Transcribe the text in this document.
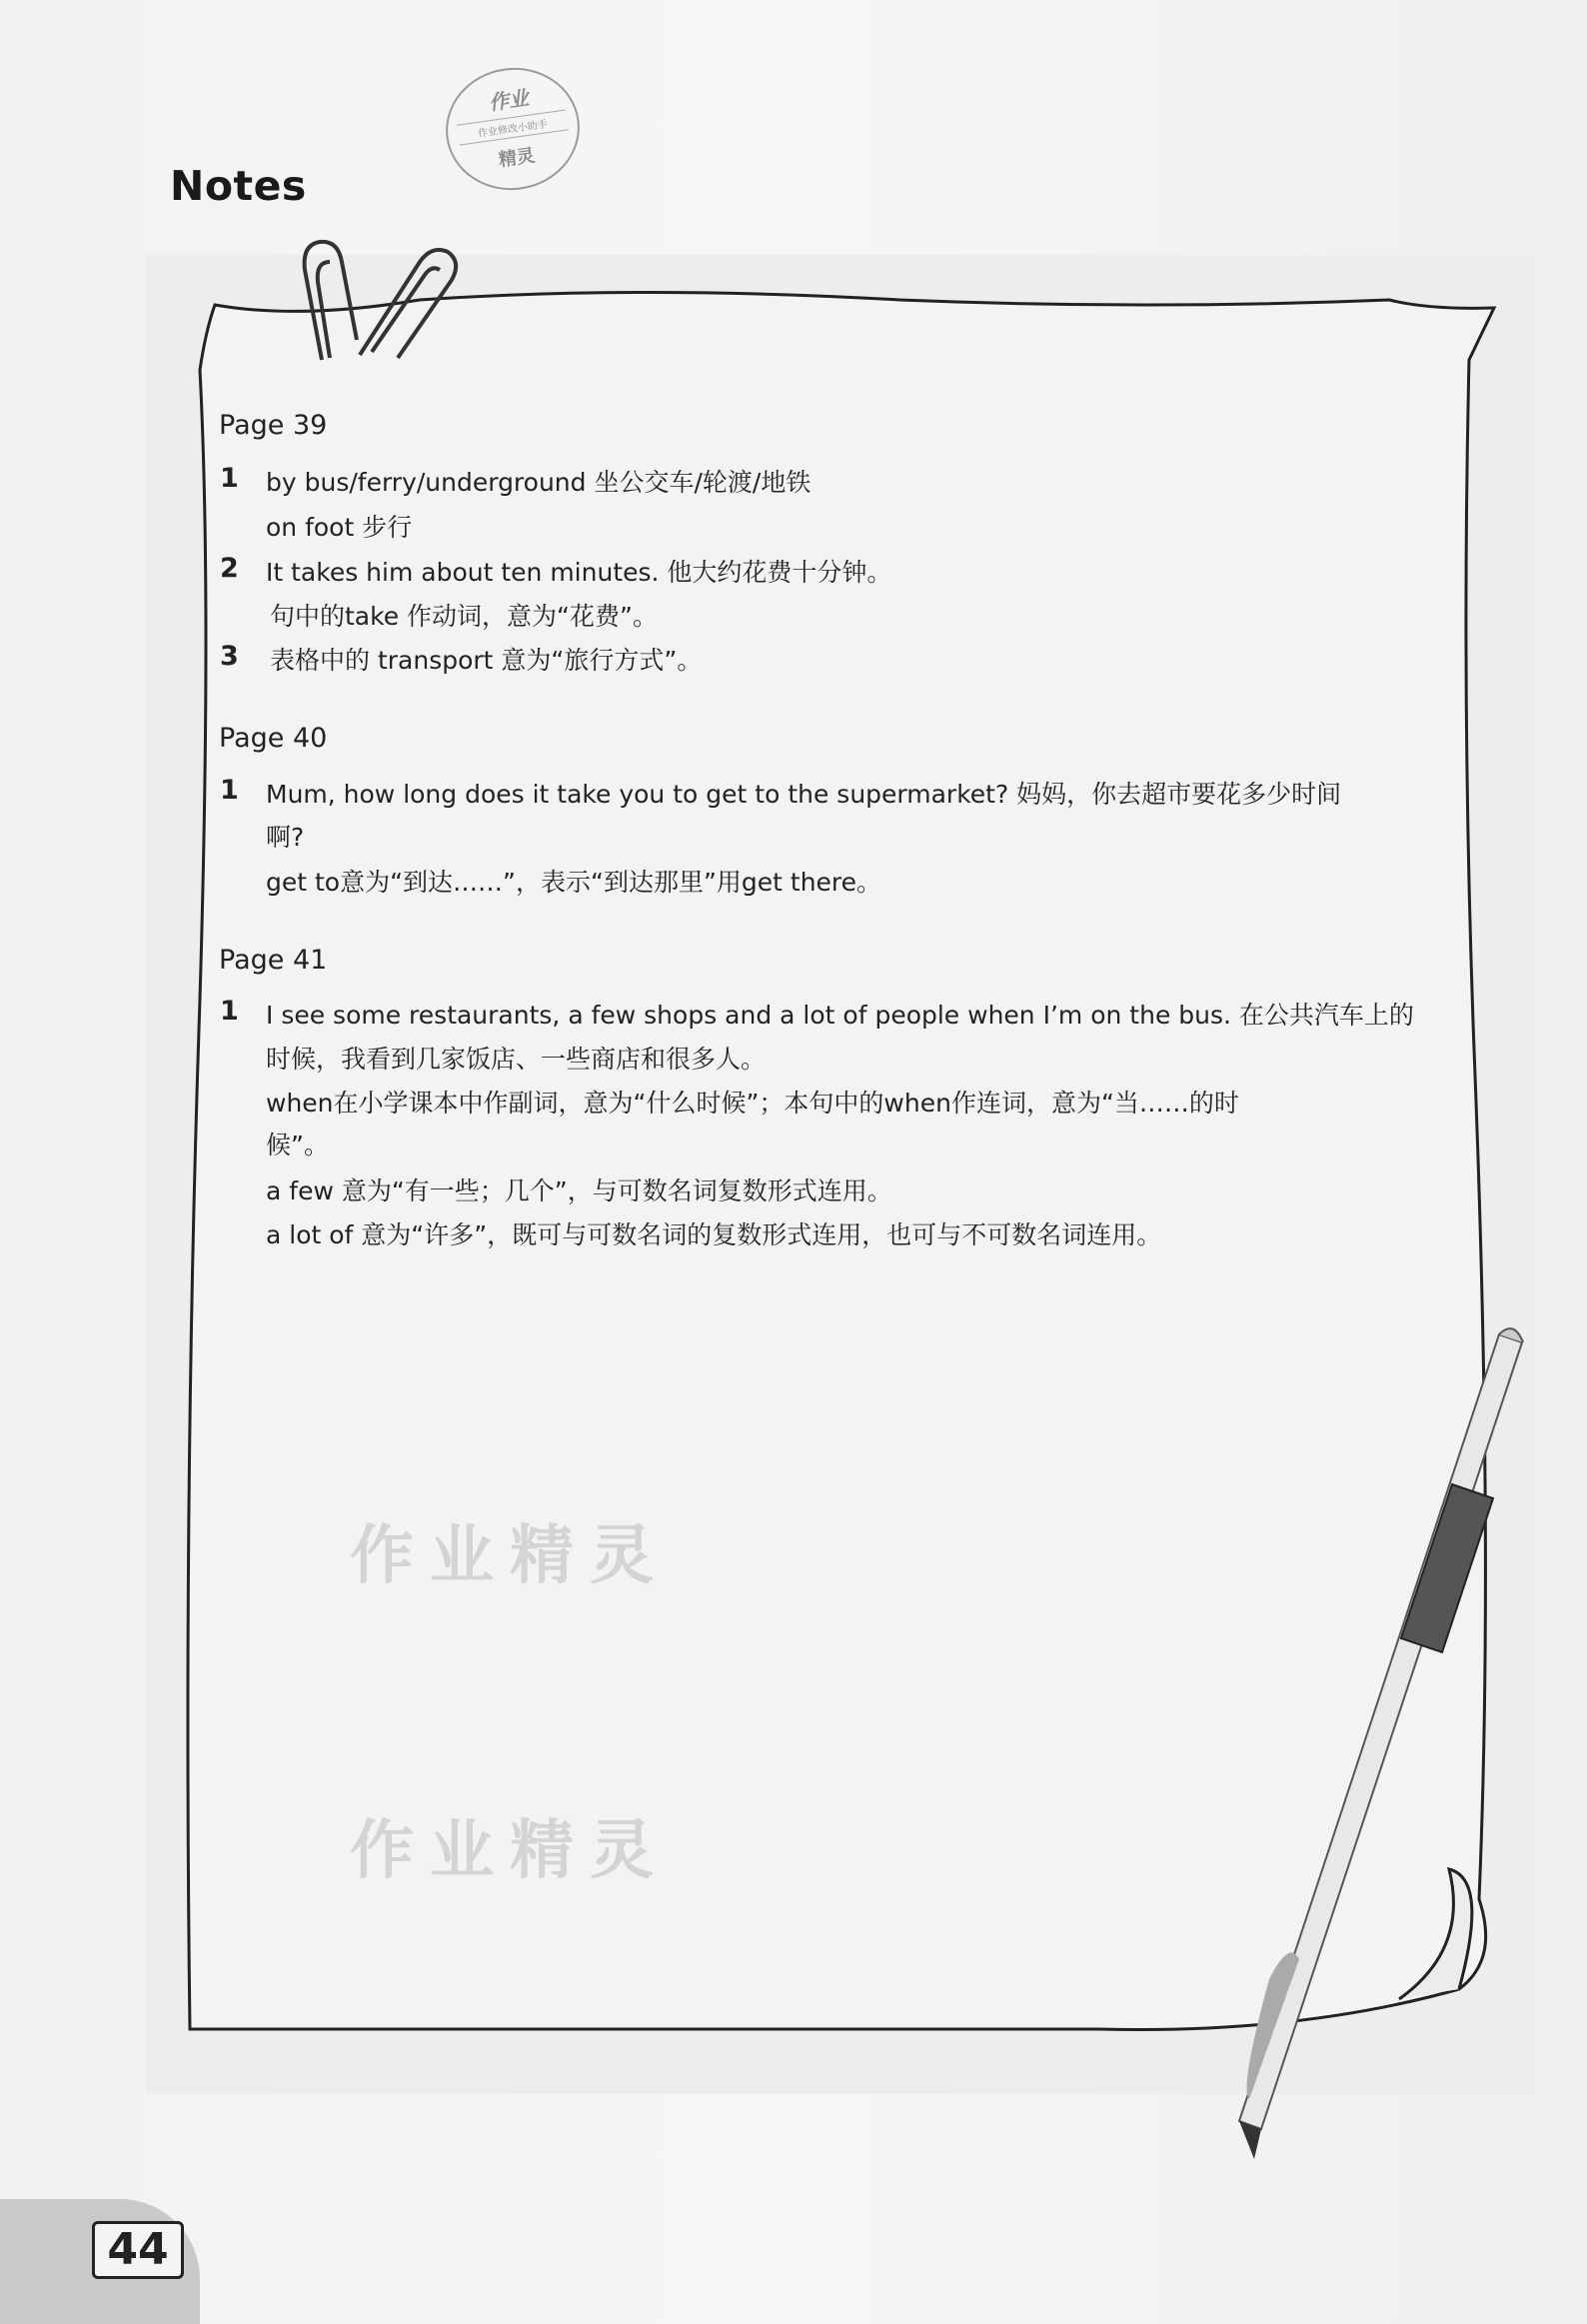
Notes
作业
作业修改小助手
精灵
Page 39
1 by bus/ferry/underground 坐公交车/轮渡/地铁
on foot 步行
2 It takes him about ten minutes. 他大约花费十分钟。
句中的take 作动词，意为“花费”。
3 表格中的 transport 意为“旅行方式”。
Page 40
1 Mum, how long does it take you to get to the supermarket? 妈妈，你去超市要花多少时间
啊?
get to意为“到达……”，表示“到达那里”用get there。
Page 41
1 I see some restaurants, a few shops and a lot of people when I’m on the bus. 在公共汽车上的
时候，我看到几家饭店、一些商店和很多人。
when在小学课本中作副词，意为“什么时候”；本句中的when作连词，意为“当……的时
候”。
a few 意为“有一些；几个”，与可数名词复数形式连用。
a lot of 意为“许多”，既可与可数名词的复数形式连用，也可与不可数名词连用。
作业精灵
作业精灵
44
